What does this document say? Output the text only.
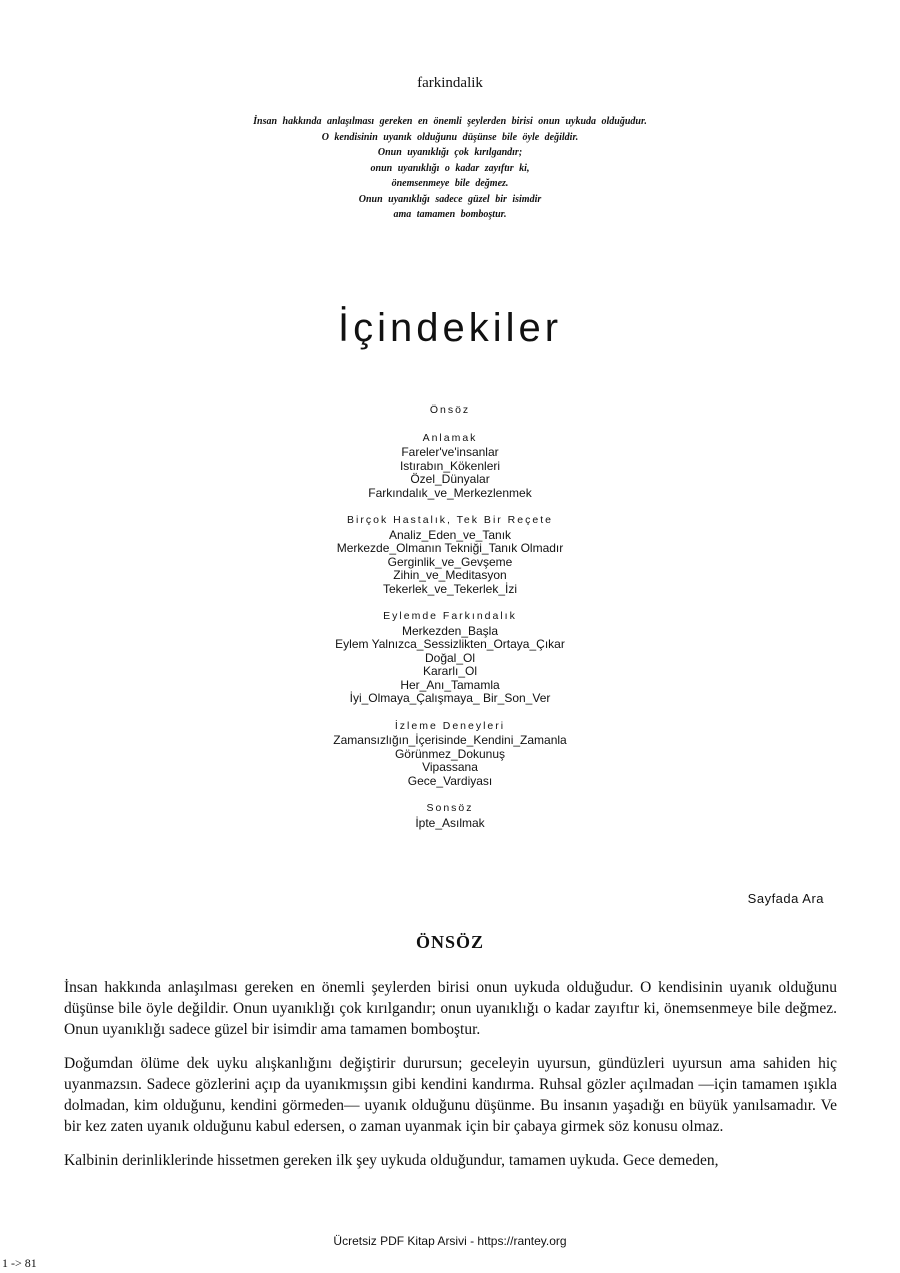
farkindalik
İnsan hakkında anlaşılması gereken en önemli şeylerden birisi onun uykuda olduğudur.
O kendisinin uyanık olduğunu düşünse bile öyle değildir.
Onun uyanıklığı çok kırılgandır;
onun uyanıklığı o kadar zayıftır ki,
önemsenmeye bile değmez.
Onun uyanıklığı sadece güzel bir isimdir
ama tamamen bomboştur.
İçindekiler
Önsöz
Anlamak
Fareler've'insanlar
Istırabın_Kökenleri
Özel_Dünyalar
Farkındalık_ve_Merkezlenmek
Birçok Hastalık, Tek Bir Reçete
Analiz_Eden_ve_Tanık
Merkezde_Olmanın Tekniği_Tanık Olmadır
Gerginlik_ve_Gevşeme
Zihin_ve_Meditasyon
Tekerlek_ve_Tekerlek_İzi
Eylemde Farkındalık
Merkezden_Başla
Eylem Yalnızca_Sessizlikten_Ortaya_Çıkar
Doğal_Ol
Kararlı_Ol
Her_Anı_Tamamla
İyi_Olmaya_Çalışmaya_ Bir_Son_Ver
İzleme Deneyleri
Zamansızlığın_İçerisinde_Kendini_Zamanla
Görünmez_Dokunuş
Vipassana
Gece_Vardiyası
Sonsöz
İpte_Asılmak
Sayfada Ara
ÖNSÖZ

İnsan hakkında anlaşılması gereken en önemli şeylerden birisi onun uykuda olduğudur. O kendisinin uyanık olduğunu düşünse bile öyle değildir. Onun uyanıklığı çok kırılgandır; onun uyanıklığı o kadar zayıftır ki, önemsenmeye bile değmez. Onun uyanıklığı sadece güzel bir isimdir ama tamamen bomboştur.

Doğumdan ölüme dek uyku alışkanlığını değiştirir durursun; geceleyin uyursun, gündüzleri uyursun ama sahiden hiç uyanmazsın. Sadece gözlerini açıp da uyanıkmışsın gibi kendini kandırma. Ruhsal gözler açılmadan —için tamamen ışıkla dolmadan, kim olduğunu, kendini görmeden— uyanık olduğunu düşünme. Bu insanın yaşadığı en büyük yanılsamadır. Ve bir kez zaten uyanık olduğunu kabul edersen, o zaman uyanmak için bir çabaya girmek söz konusu olmaz.

Kalbinin derinliklerinde hissetmen gereken ilk şey uykuda olduğundur, tamamen uykuda. Gece demeden,

Ücretsiz PDF Kitap Arsivi - https://rantey.org
1 -> 81
